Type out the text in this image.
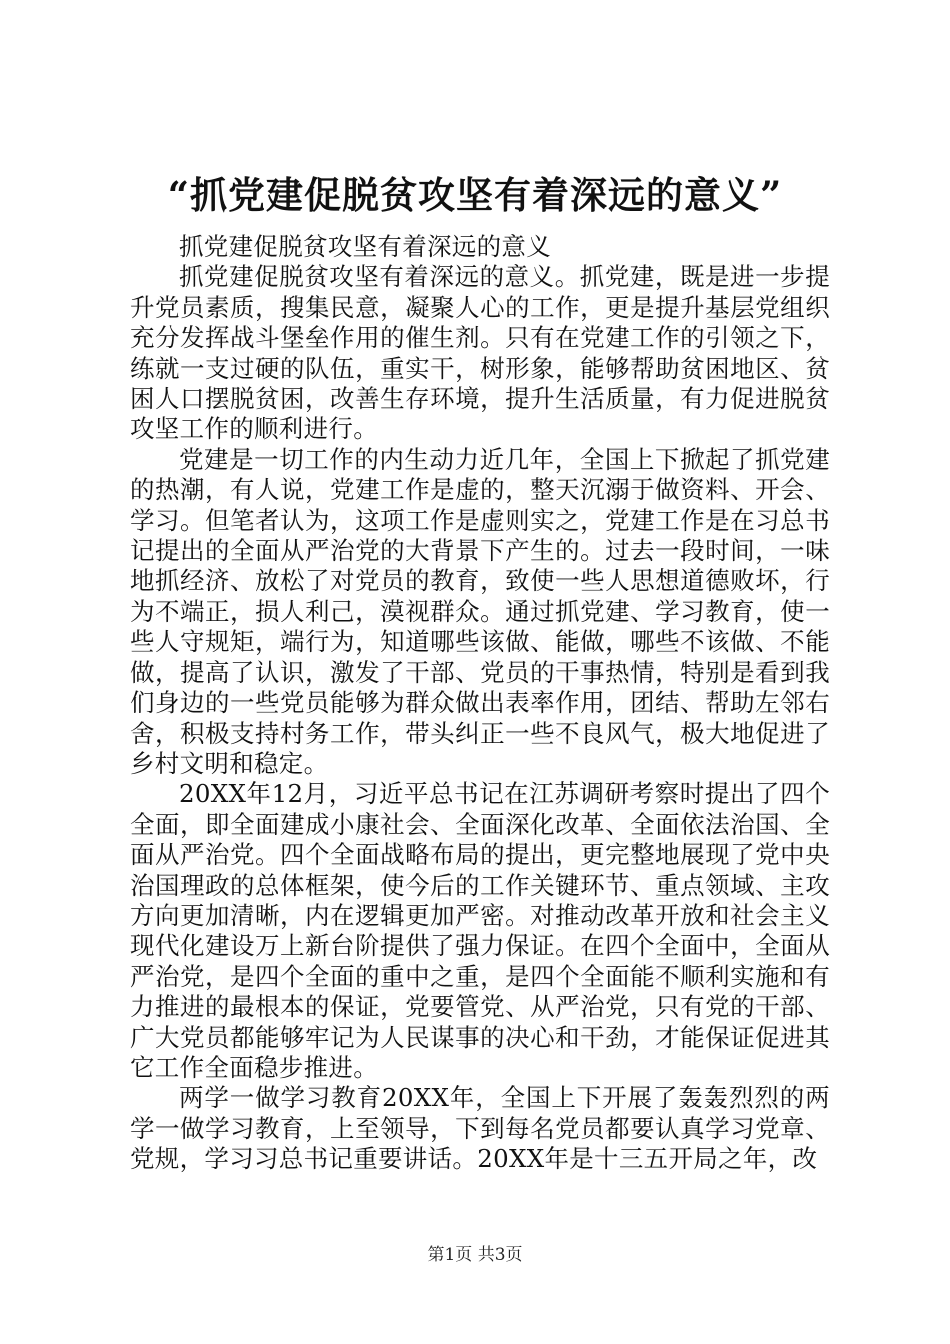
“抓党建促脱贫攻坚有着深远的意义”

抓党建促脱贫攻坚有着深远的意义

抓党建促脱贫攻坚有着深远的意义。抓党建，既是进一步提升党员素质，搜集民意，凝聚人心的工作，更是提升基层党组织充分发挥战斗堡垒作用的催生剂。只有在党建工作的引领之下，练就一支过硬的队伍，重实干，树形象，能够帮助贫困地区、贫困人口摆脱贫困，改善生存环境，提升生活质量，有力促进脱贫攻坚工作的顺利进行。

党建是一切工作的内生动力近几年，全国上下掀起了抓党建的热潮，有人说，党建工作是虚的，整天沉溺于做资料、开会、学习。但笔者认为，这项工作是虚则实之，党建工作是在习总书记提出的全面从严治党的大背景下产生的。过去一段时间，一味地抓经济、放松了对党员的教育，致使一些人思想道德败坏，行为不端正，损人利己，漠视群众。通过抓党建、学习教育，使一些人守规矩，端行为，知道哪些该做、能做，哪些不该做、不能做，提高了认识，激发了干部、党员的干事热情，特别是看到我们身边的一些党员能够为群众做出表率作用，团结、帮助左邻右舍，积极支持村务工作，带头纠正一些不良风气，极大地促进了乡村文明和稳定。

20XX年12月，习近平总书记在江苏调研考察时提出了四个全面，即全面建成小康社会、全面深化改革、全面依法治国、全面从严治党。四个全面战略布局的提出，更完整地展现了党中央治国理政的总体框架，使今后的工作关键环节、重点领域、主攻方向更加清晰，内在逻辑更加严密。对推动改革开放和社会主义现代化建设万上新台阶提供了强力保证。在四个全面中，全面从严治党，是四个全面的重中之重，是四个全面能不顺利实施和有力推进的最根本的保证，党要管党、从严治党，只有党的干部、广大党员都能够牢记为人民谋事的决心和干劲，才能保证促进其它工作全面稳步推进。

两学一做学习教育20XX年，全国上下开展了轰轰烈烈的两学一做学习教育，上至领导，下到每名党员都要认真学习党章、党规，学习习总书记重要讲话。20XX年是十三五开局之年，改

第1页 共3页
